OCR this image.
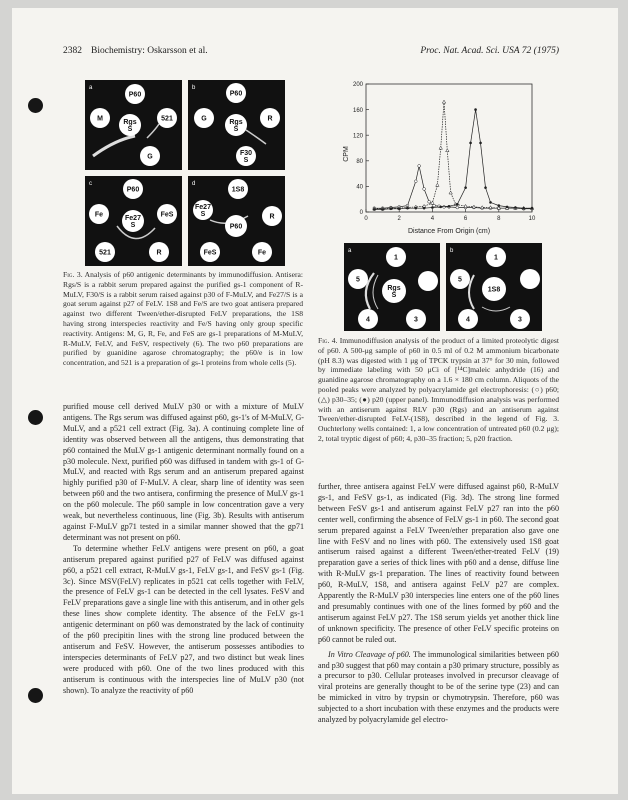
2382 Biochemistry: Oskarsson et al.	Proc. Nat. Acad. Sci. USA 72 (1975)
a
P60
M	Rgs S
521
G
b
P60
G	Rgs S
R
F30 S
c
P60
Fe	Fe27 S
FeS
521	R
d
1S8
Fe27 S
P60
R
FeS	Fe

Fig. 3. Analysis of p60 antigenic determinants by immunodiffusion. Antisera: Rgs/S is a rabbit serum prepared against the purified gs-1 component of R-MuLV, F30/S is a rabbit serum raised against p30 of F-MuLV, and Fe27/S is a goat serum against p27 of FeLV. 1S8 and Fe/S are two goat antisera prepared against two different Tween/ether-disrupted FeLV preparations, the 1S8 having strong interspecies reactivity and Fe/S having only group specific reactivity. Antigens: M, G, R, Fe, and FeS are gs-1 preparations of M-MuLV, R-MuLV, FeLV, and FeSV, respectively (6). The two p60 preparations are purified by guanidine agarose chromatography; the p60/e is in low concentration, and 521 is a preparation of gs-1 proteins from whole cells (5).

0
40
80
120
160
200
0	2	4	6	8	10
CPM
Distance From Origin (cm)
a
1
5
Rgs S
4	3
b
1
5
1S8
4	3

Fig. 4. Immunodiffusion analysis of the product of a limited proteolytic digest of p60. A 500-μg sample of p60 in 0.5 ml of 0.2 M ammonium bicarbonate (pH 8.3) was digested with 1 μg of TPCK trypsin at 37° for 30 min, followed by immediate labeling with 50 μCi of [¹⁴C]maleic anhydride (16) and guanidine agarose chromatography on a 1.6 × 180 cm column. Aliquots of the pooled peaks were analyzed by polyacrylamide gel electrophoresis: (○) p60; (△) p30–35; (●) p20 (upper panel). Immunodiffusion analysis was performed with an antiserum against RLV p30 (Rgs) and an antiserum against Tween/ether-disrupted FeLV-(1S8), described in the legend of Fig. 3. Ouchterlony wells contained: 1, a low concentration of untreated p60 (0.2 μg); 2, total tryptic digest of p60; 4, p30–35 fraction; 5, p20 fraction.

purified mouse cell derived MuLV p30 or with a mixture of MuLV antigens. The Rgs serum was diffused against p60, gs-1's of M-MuLV, G-MuLV, and a p521 cell extract (Fig. 3a). A continuing complete line of identity was observed between all the antigens, thus demonstrating that p60 contained the MuLV gs-1 antigenic determinant normally found on a p30 molecule. Next, purified p60 was diffused in tandem with gs-1 of G-MuLV, and reacted with Rgs serum and an antiserum prepared against highly purified p30 of F-MuLV. A clear, sharp line of identity was seen between p60 and the two antisera, confirming the presence of MuLV gs-1 on the p60 molecule. The p60 sample in low concentration gave a very weak, but nevertheless continuous, line (Fig. 3b). Results with antiserum against F-MuLV gp71 tested in a similar manner showed that the gp71 determinant was not present on p60.

To determine whether FeLV antigens were present on p60, a goat antiserum prepared against purified p27 of FeLV was diffused against p60, a p521 cell extract, R-MuLV gs-1, FeLV gs-1, and FeSV gs-1 (Fig. 3c). Since MSV(FeLV) replicates in p521 cat cells together with FeLV, the presence of FeLV gs-1 can be detected in the cell lysates. FeSV and FeLV preparations gave a single line with this antiserum, and in other gels these lines show complete identity. The absence of the FeLV gs-1 antigenic determinant on p60 was demonstrated by the lack of continuity of the p60 precipitin lines with the strong line produced between the antiserum and FeSV. However, the antiserum possesses antibodies to interspecies determinants of FeLV p27, and two distinct but weak lines were produced with p60. One of the two lines produced with this antiserum is continuous with the interspecies line of MuLV p30 (not shown). To analyze the reactivity of p60

further, three antisera against FeLV were diffused against p60, R-MuLV gs-1, and FeSV gs-1, as indicated (Fig. 3d). The strong line formed between FeSV gs-1 and antiserum against FeLV p27 ran into the p60 center well, confirming the absence of FeLV gs-1 in p60. The second goat serum prepared against a FeLV Tween/ether preparation also gave one line with FeSV and no lines with p60. The extensively used 1S8 goat antiserum raised against a different Tween/ether-treated FeLV (19) preparation gave a series of thick lines with p60 and a dense, diffuse line with R-MuLV gs-1 preparation. The lines of reactivity found between p60, R-MuLV, 1S8, and antisera against FeLV p27 are complex. Apparently the R-MuLV p30 interspecies line enters one of the p60 lines and presumably continues with one of the lines formed by p60 and the antiserum against FeLV p27. The 1S8 serum yields yet another thick line of unknown specificity. The presence of other FeLV specific proteins on p60 cannot be ruled out.

In Vitro Cleavage of p60. The immunological similarities between p60 and p30 suggest that p60 may contain a p30 primary structure, possibly as a precursor to p30. Cellular proteases involved in precursor cleavage of viral proteins are generally thought to be of the serine type (23) and can be mimicked in vitro by trypsin or chymotrypsin. Therefore, p60 was subjected to a short incubation with these enzymes and the products were analyzed by polyacrylamide gel electro-
